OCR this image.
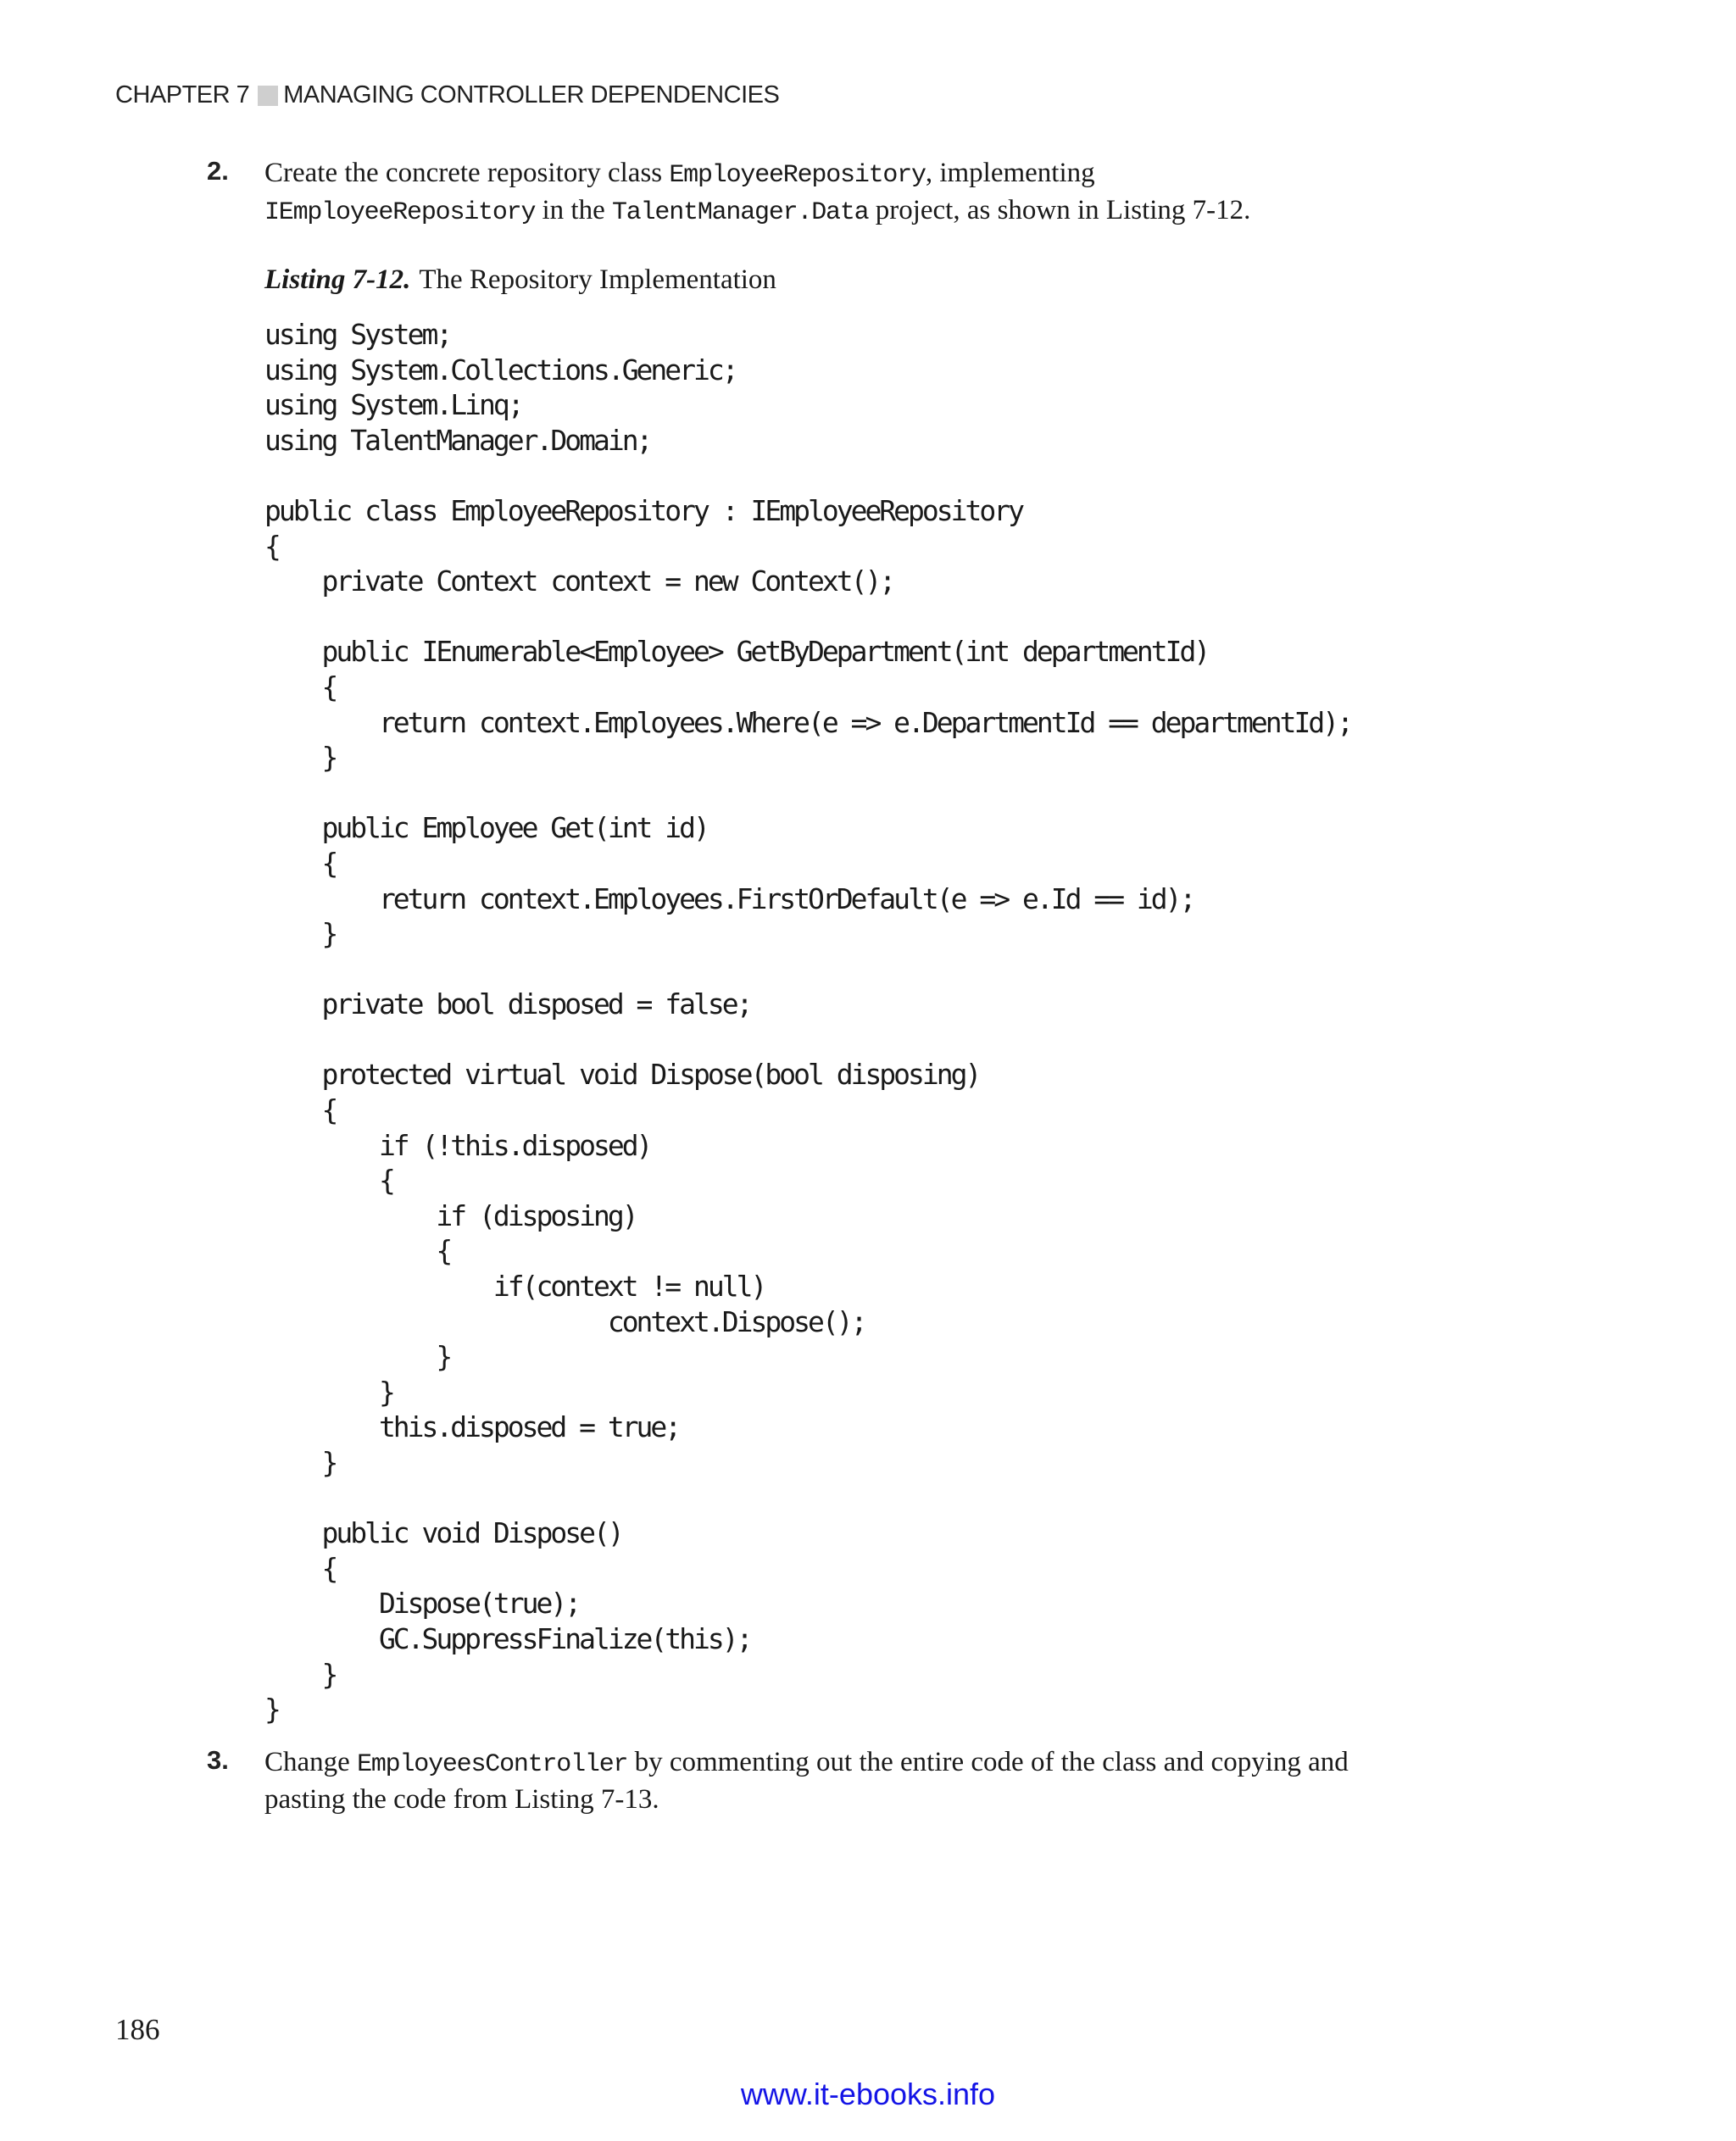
CHAPTER 7 MANAGING CONTROLLER DEPENDENCIES
2. Create the concrete repository class EmployeeRepository, implementing
IEmployeeRepository in the TalentManager.Data project, as shown in Listing 7-12.
Listing 7-12. The Repository Implementation
using System;
using System.Collections.Generic;
using System.Linq;
using TalentManager.Domain;

public class EmployeeRepository : IEmployeeRepository
{
private Context context = new Context();

public IEnumerable<Employee> GetByDepartment(int departmentId)
{
return context.Employees.Where(e => e.DepartmentId == departmentId);
}

public Employee Get(int id)
{
return context.Employees.FirstOrDefault(e => e.Id == id);
}

private bool disposed = false;

protected virtual void Dispose(bool disposing)
{
if (!this.disposed)
{
if (disposing)
{
if(context != null)
context.Dispose();
}
}
this.disposed = true;
}

public void Dispose()
{
Dispose(true);
GC.SuppressFinalize(this);
}
}
3. Change EmployeesController by commenting out the entire code of the class and copying and pasting the code from Listing 7-13.
186
www.it-ebooks.info
